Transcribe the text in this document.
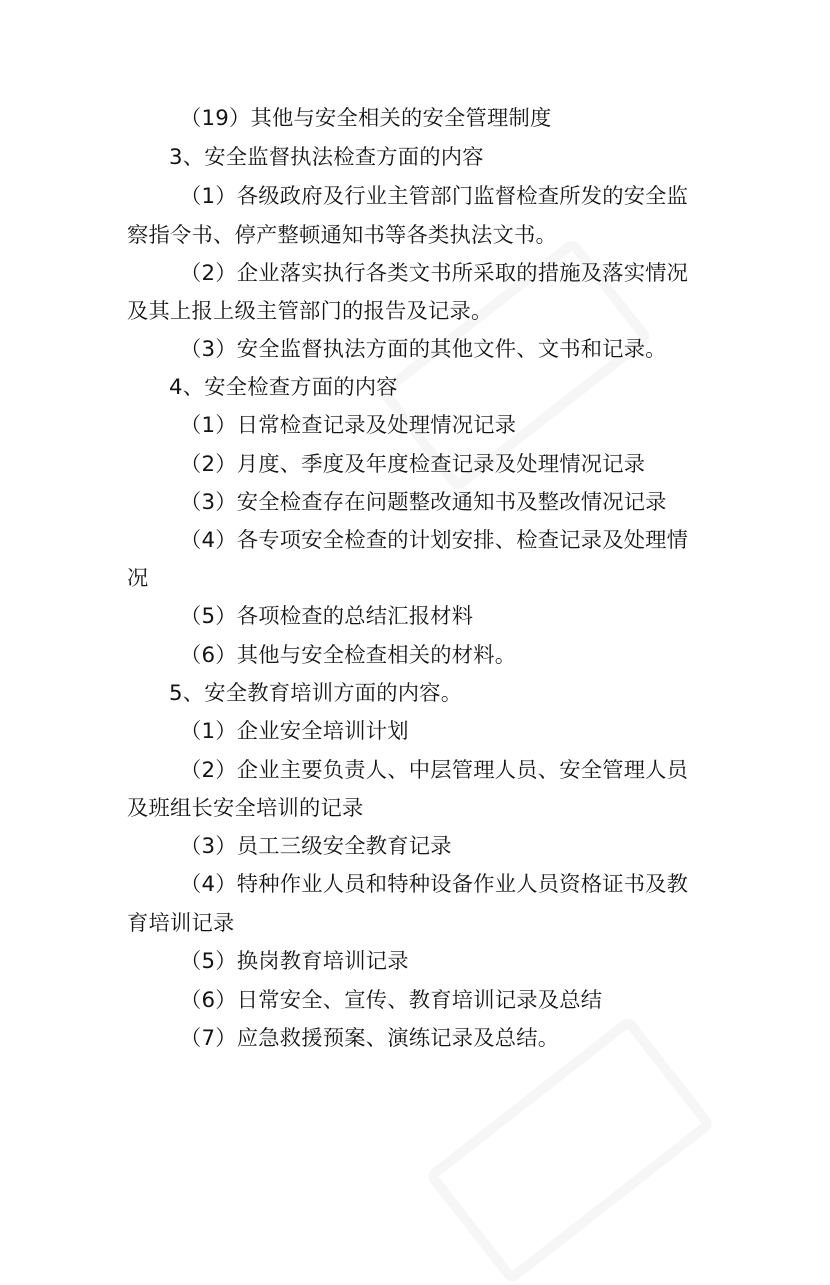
（19）其他与安全相关的安全管理制度

3、安全监督执法检查方面的内容

（1）各级政府及行业主管部门监督检查所发的安全监

察指令书、停产整顿通知书等各类执法文书。

（2）企业落实执行各类文书所采取的措施及落实情况

及其上报上级主管部门的报告及记录。

（3）安全监督执法方面的其他文件、文书和记录。

4、安全检查方面的内容

（1）日常检查记录及处理情况记录

（2）月度、季度及年度检查记录及处理情况记录

（3）安全检查存在问题整改通知书及整改情况记录

（4）各专项安全检查的计划安排、检查记录及处理情

况

（5）各项检查的总结汇报材料

（6）其他与安全检查相关的材料。

5、安全教育培训方面的内容。

（1）企业安全培训计划

（2）企业主要负责人、中层管理人员、安全管理人员

及班组长安全培训的记录

（3）员工三级安全教育记录

（4）特种作业人员和特种设备作业人员资格证书及教

育培训记录

（5）换岗教育培训记录

（6）日常安全、宣传、教育培训记录及总结

（7）应急救援预案、演练记录及总结。
